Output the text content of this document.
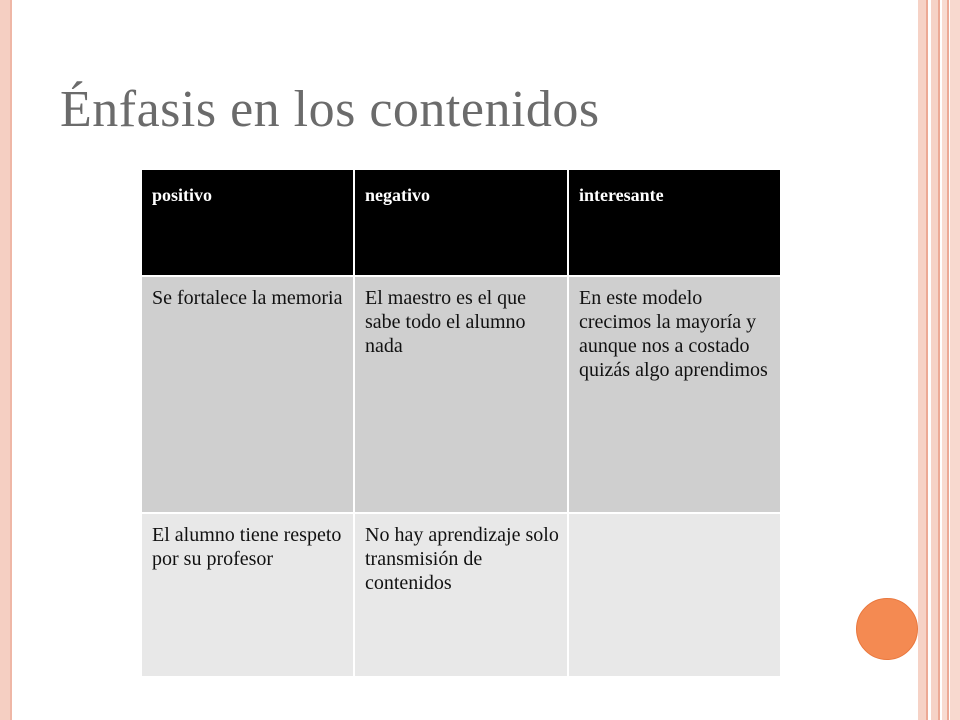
Énfasis en los contenidos
positivo	negativo	interesante
Se fortalece la memoria	El maestro es el que sabe todo el alumno nada	En este modelo crecimos la mayoría y aunque nos a costado quizás algo aprendimos
El alumno tiene respeto por su profesor	No hay aprendizaje solo transmisión de contenidos	
